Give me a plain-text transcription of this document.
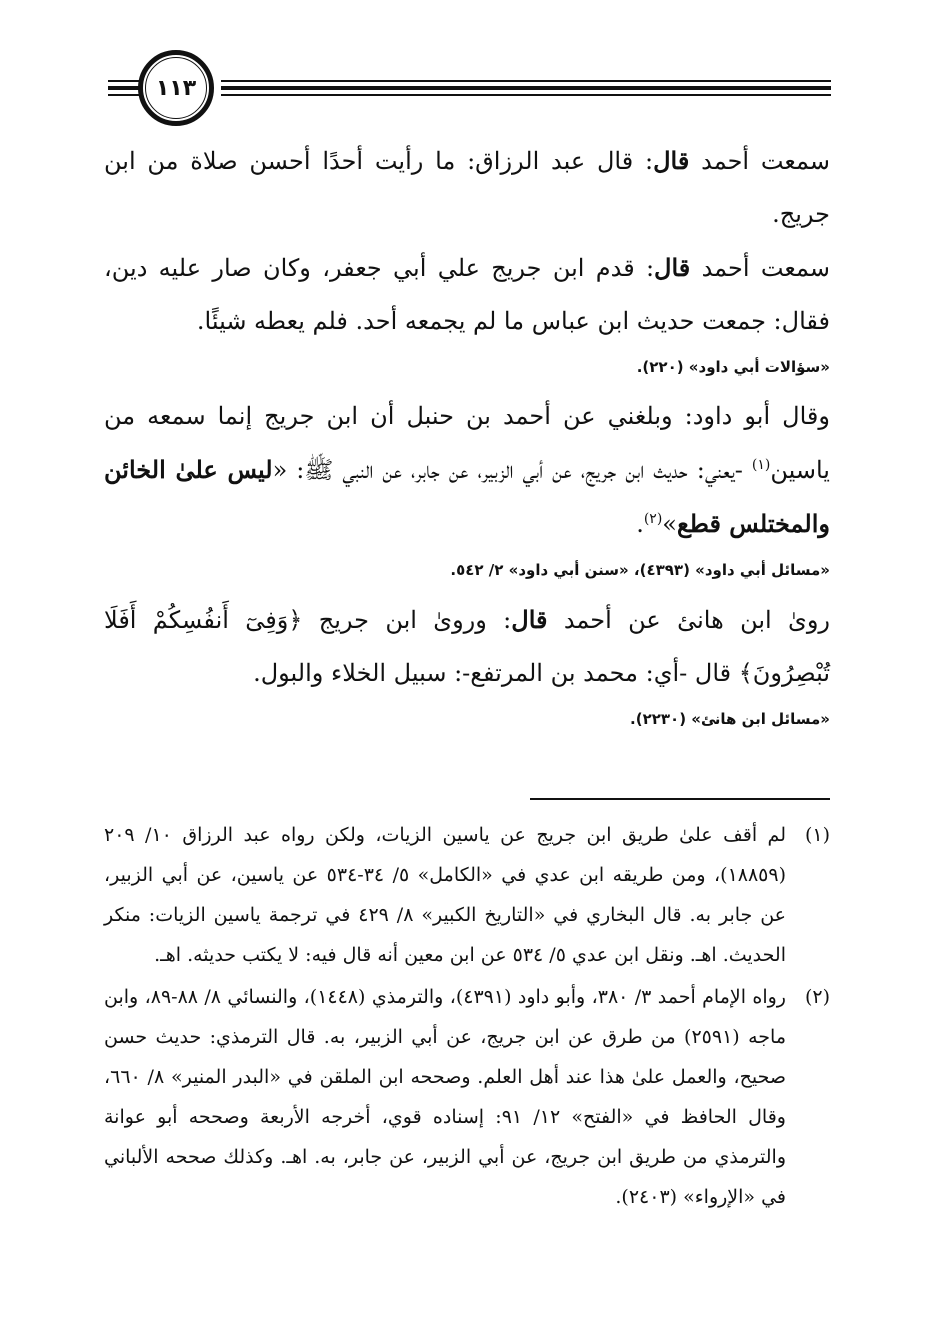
١١٣

سمعت أحمد قال: قال عبد الرزاق: ما رأيت أحدًا أحسن صلاة من ابن جريج.

سمعت أحمد قال: قدم ابن جريج علي أبي جعفر، وكان صار عليه دين، فقال: جمعت حديث ابن عباس ما لم يجمعه أحد. فلم يعطه شيئًا.

«سؤالات أبي داود» (٢٢٠).

وقال أبو داود: وبلغني عن أحمد بن حنبل أن ابن جريج إنما سمعه من ياسين$^{(١)}$ -يعني: حديث ابن جريج، عن أبي الزبير، عن جابر، عن النبي ﷺ: «ليس علىٰ الخائن والمختلس قطع»$^{(٢)}$.

«مسائل أبي داود» (٤٣٩٣)، «سنن أبي داود» ٢/ ٥٤٢.

روىٰ ابن هانئ عن أحمد قال: وروىٰ ابن جريج ﴿وَفِىٓ أَنفُسِكُمْ أَفَلَا تُبْصِرُونَ﴾ قال -أي: محمد بن المرتفع-: سبيل الخلاء والبول.

«مسائل ابن هانئ» (٢٢٣٠).
(١)
لم أقف علىٰ طريق ابن جريج عن ياسين الزيات، ولكن رواه عبد الرزاق ١٠/ ٢٠٩ (١٨٨٥٩)، ومن طريقه ابن عدي في «الكامل» ٥/ ٣٤-٥٣٤ عن ياسين، عن أبي الزبير، عن جابر به. قال البخاري في «التاريخ الكبير» ٨/ ٤٢٩ في ترجمة ياسين الزيات: منكر الحديث. اهـ. ونقل ابن عدي ٥/ ٥٣٤ عن ابن معين أنه قال فيه: لا يكتب حديثه. اهـ.
(٢)
رواه الإمام أحمد ٣/ ٣٨٠، وأبو داود (٤٣٩١)، والترمذي (١٤٤٨)، والنسائي ٨/ ٨٨-٨٩، وابن ماجه (٢٥٩١) من طرق عن ابن جريج، عن أبي الزبير، به. قال الترمذي: حديث حسن صحيح، والعمل علىٰ هذا عند أهل العلم. وصححه ابن الملقن في «البدر المنير» ٨/ ٦٦٠، وقال الحافظ في «الفتح» ١٢/ ٩١: إسناده قوي، أخرجه الأربعة وصححه أبو عوانة والترمذي من طريق ابن جريج، عن أبي الزبير، عن جابر، به. اهـ. وكذلك صححه الألباني في «الإرواء» (٢٤٠٣).
